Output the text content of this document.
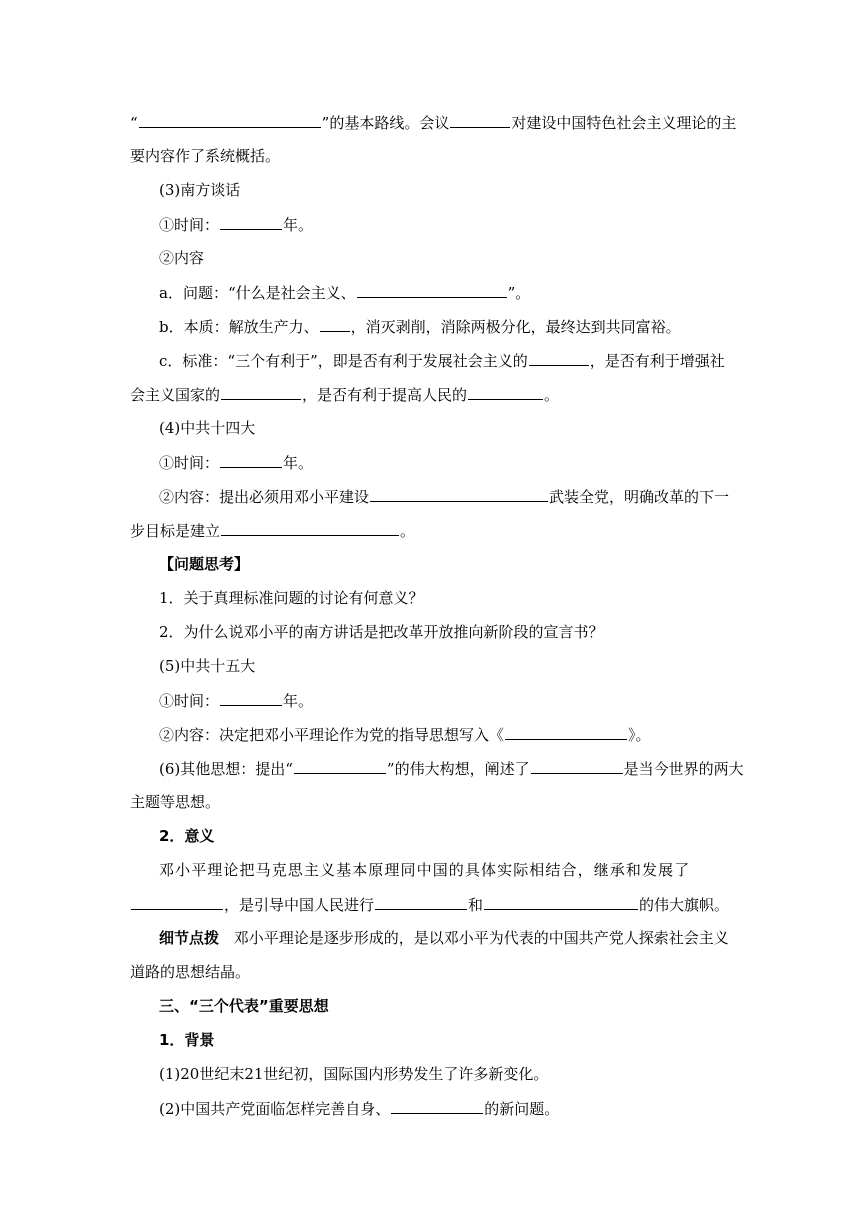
“	”的基本路线。会议	对建设中国特色社会主义理论的主
要内容作了系统概括。
(3)南方谈话
①时间：	年。
②内容
a．问题：“什么是社会主义、	”。
b．本质：解放生产力、 ，消灭剥削，消除两极分化，最终达到共同富裕。
c．标准：“三个有利于”，即是否有利于发展社会主义的	，是否有利于增强社
会主义国家的	，是否有利于提高人民的	。
(4)中共十四大
①时间：	年。
②内容：提出必须用邓小平建设	武装全党，明确改革的下一
步目标是建立	。
【问题思考】
1．关于真理标准问题的讨论有何意义？
2．为什么说邓小平的南方讲话是把改革开放推向新阶段的宣言书？
(5)中共十五大
①时间：	年。
②内容：决定把邓小平理论作为党的指导思想写入《	》。
(6)其他思想：提出“	”的伟大构想，阐述了	是当今世界的两大
主题等思想。
2．意义
邓小平理论把马克思主义基本原理同中国的具体实际相结合，继承和发展了
，是引导中国人民进行	和	的伟大旗帜。
细节点拨 邓小平理论是逐步形成的，是以邓小平为代表的中国共产党人探索社会主义
道路的思想结晶。
三、“三个代表”重要思想
1．背景
(1)20世纪末21世纪初，国际国内形势发生了许多新变化。
(2)中国共产党面临怎样完善自身、	的新问题。
